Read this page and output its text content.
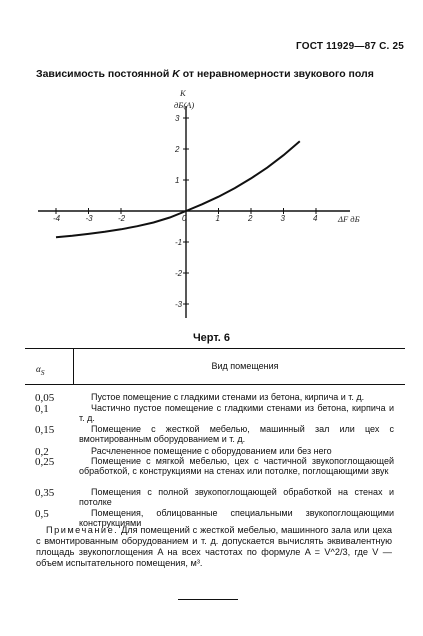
ГОСТ 11929—87 С. 25
Зависимость постоянной K от неравномерности звукового поля
-4	-3	-2	0	1	2	3	4
3
2
1
-1
-2
-3
K
дБ(А)
ΔF дБ
Черт. 6
$\alpha_S$
Вид помещения
0,05	Пустое помещение с гладкими стенами из бетона, кирпича и т. д.
0,1	Частично пустое помещение с гладкими стенами из бетона, кирпича и т. д.
0,15	Помещение с жесткой мебелью, машинный зал или цех с вмонтированным оборудованием и т. д.
0,2	Расчлененное помещение с оборудованием или без него
0,25	Помещение с мягкой мебелью, цех с частичной звукопоглощающей обработкой, с конструкциями на стенах или потолке, поглощающими звук
0,35	Помещения с полной звукопоглощающей обработкой на стенах и потолке
0,5	Помещения, облицованные специальными звукопоглощающими конструкциями
Примечание. Для помещений с жесткой мебелью, машинного зала или цеха с вмонтированным оборудованием и т. д. допускается вычислять эквивалентную площадь звукопоглощения A на всех частотах по формуле A = V^2/3, где V — объем испытательного помещения, м³.
